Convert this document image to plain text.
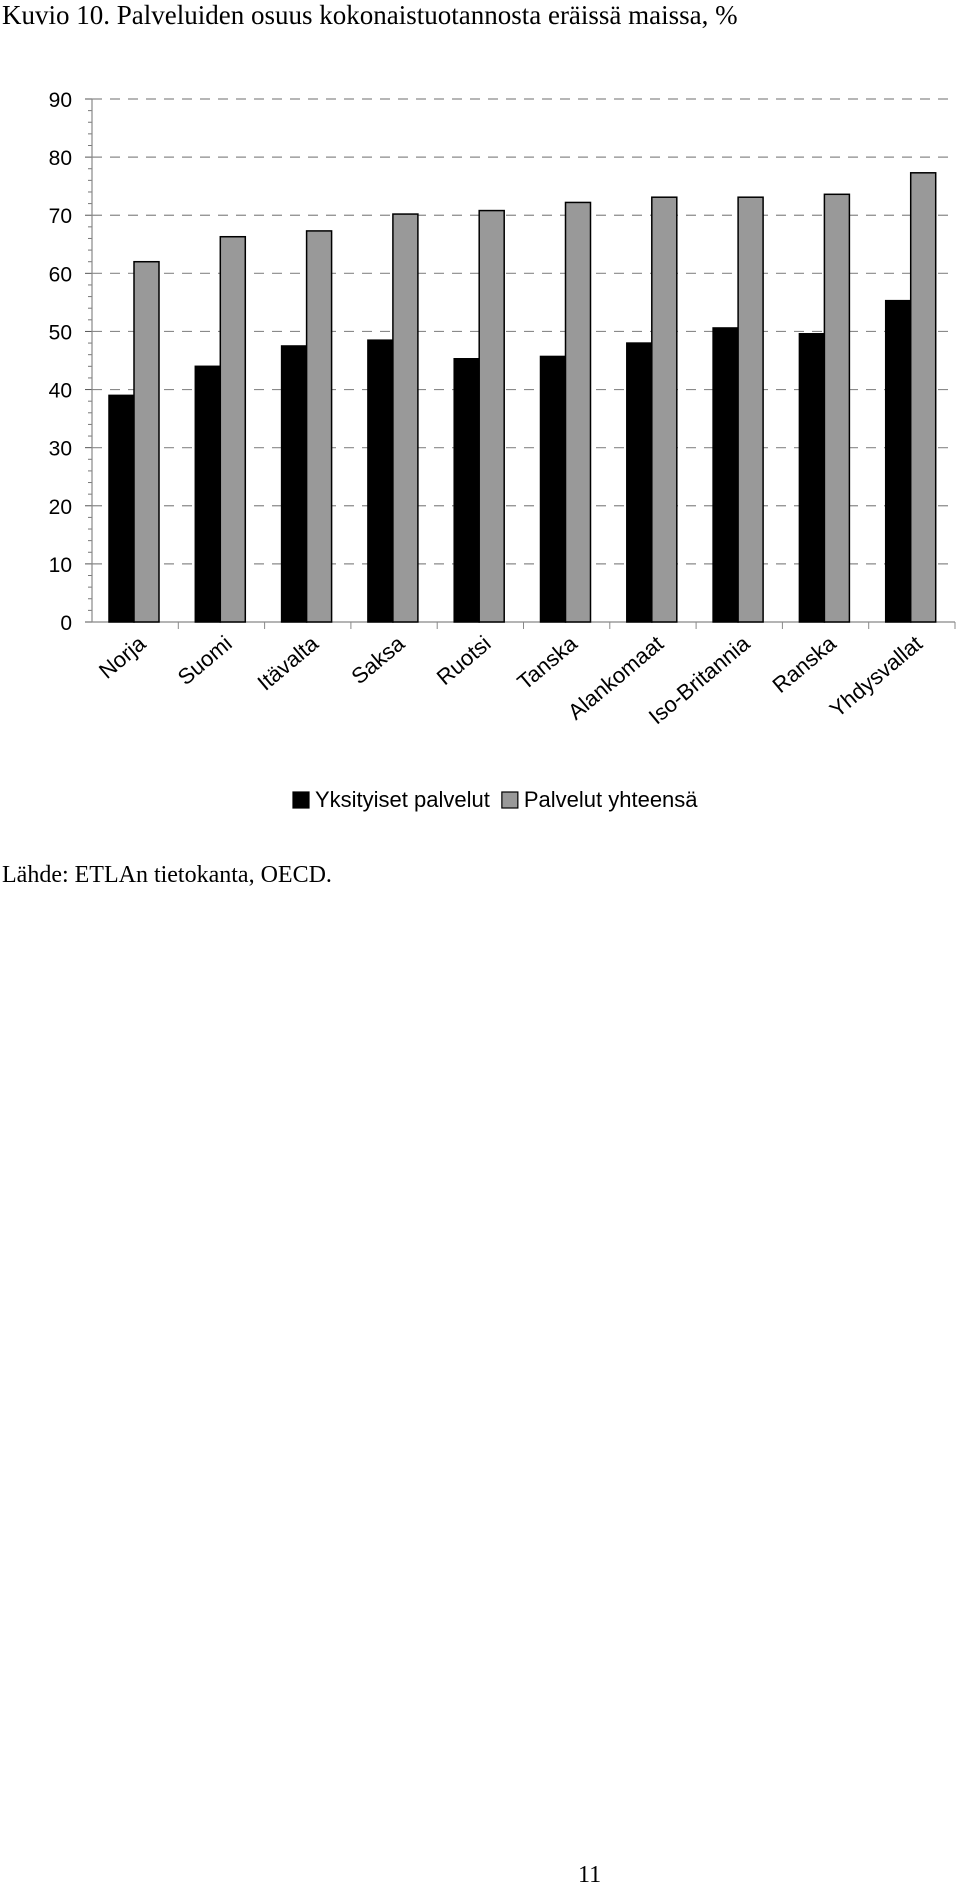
Kuvio 10. Palveluiden osuus kokonaistuotannosta eräissä maissa, %
0
10
20
30
40
50
60
70
80
90
Norja Suomi Itävalta Saksa Ruotsi Tanska
Alankomaat
Iso-Britannia Ranska
Yhdysvallat
Yksityiset palvelut Palvelut yhteensä
Lähde: ETLAn tietokanta, OECD.
11
